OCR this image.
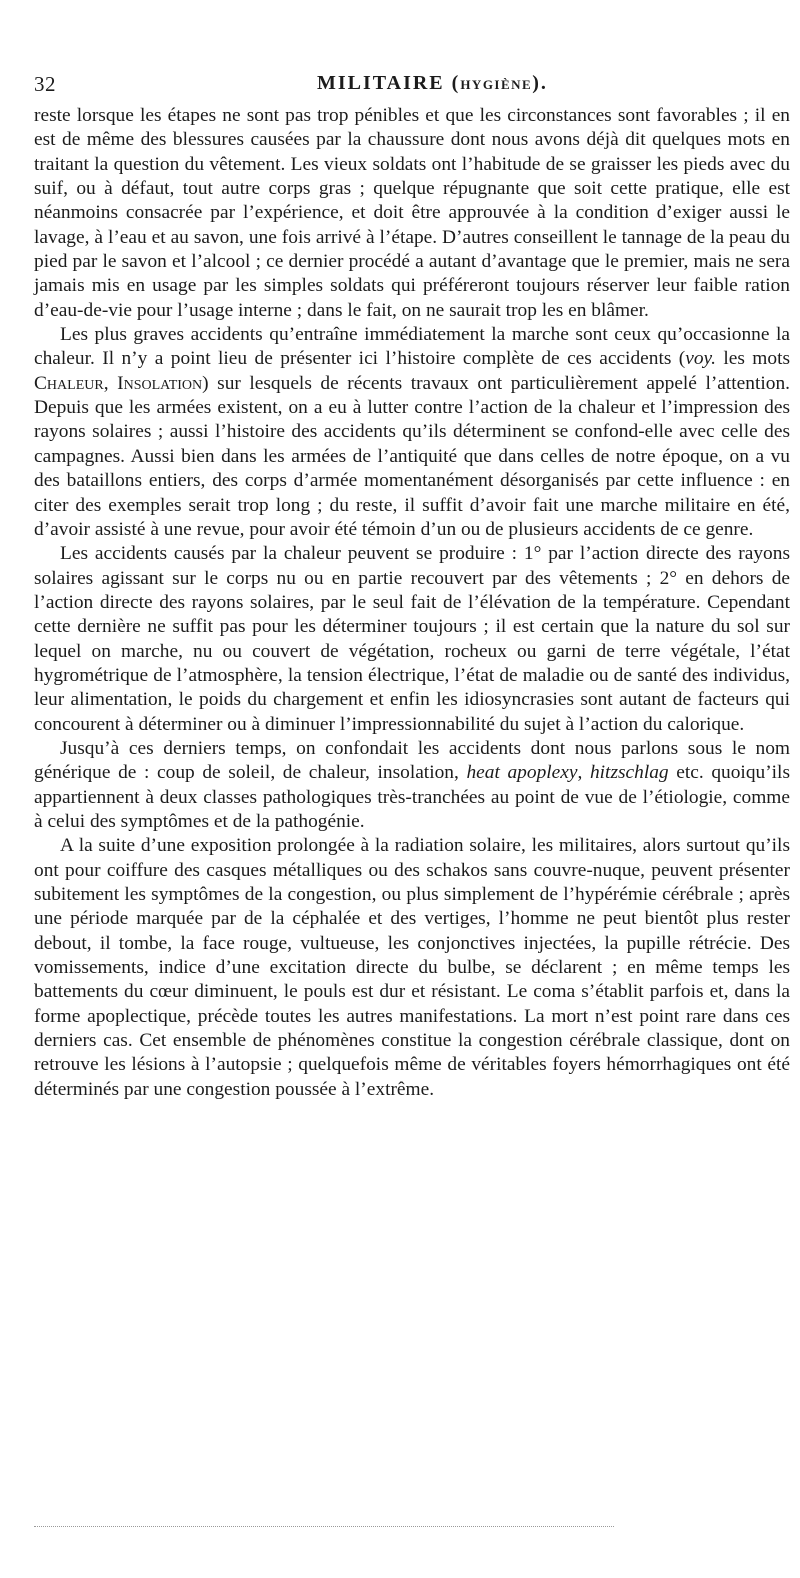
32	MILITAIRE (HYGIÈNE).

reste lorsque les étapes ne sont pas trop pénibles et que les circonstances sont favorables ; il en est de même des blessures causées par la chaussure dont nous avons déjà dit quelques mots en traitant la question du vêtement. Les vieux soldats ont l’habitude de se graisser les pieds avec du suif, ou à défaut, tout autre corps gras ; quelque répugnante que soit cette pratique, elle est néanmoins consacrée par l’expérience, et doit être approuvée à la condition d’exiger aussi le lavage, à l’eau et au savon, une fois arrivé à l’étape. D’autres conseillent le tannage de la peau du pied par le savon et l’alcool ; ce dernier procédé a autant d’avantage que le premier, mais ne sera jamais mis en usage par les simples soldats qui préféreront toujours réserver leur faible ration d’eau-de-vie pour l’usage interne ; dans le fait, on ne saurait trop les en blâmer.

Les plus graves accidents qu’entraîne immédiatement la marche sont ceux qu’occasionne la chaleur. Il n’y a point lieu de présenter ici l’histoire complète de ces accidents (voy. les mots Chaleur, Insolation) sur lesquels de récents travaux ont particulièrement appelé l’attention. Depuis que les armées existent, on a eu à lutter contre l’action de la chaleur et l’impression des rayons solaires ; aussi l’histoire des accidents qu’ils déterminent se confond-elle avec celle des campagnes. Aussi bien dans les armées de l’antiquité que dans celles de notre époque, on a vu des bataillons entiers, des corps d’armée momentanément désorganisés par cette influence : en citer des exemples serait trop long ; du reste, il suffit d’avoir fait une marche militaire en été, d’avoir assisté à une revue, pour avoir été témoin d’un ou de plusieurs accidents de ce genre.

Les accidents causés par la chaleur peuvent se produire : 1° par l’action directe des rayons solaires agissant sur le corps nu ou en partie recouvert par des vêtements ; 2° en dehors de l’action directe des rayons solaires, par le seul fait de l’élévation de la température. Cependant cette dernière ne suffit pas pour les déterminer toujours ; il est certain que la nature du sol sur lequel on marche, nu ou couvert de végétation, rocheux ou garni de terre végétale, l’état hygrométrique de l’atmosphère, la tension électrique, l’état de maladie ou de santé des individus, leur alimentation, le poids du chargement et enfin les idiosyncrasies sont autant de facteurs qui concourent à déterminer ou à diminuer l’impressionnabilité du sujet à l’action du calorique.

Jusqu’à ces derniers temps, on confondait les accidents dont nous parlons sous le nom générique de : coup de soleil, de chaleur, insolation, heat apoplexy, hitzschlag etc. quoiqu’ils appartiennent à deux classes pathologiques très-tranchées au point de vue de l’étiologie, comme à celui des symptômes et de la pathogénie.

A la suite d’une exposition prolongée à la radiation solaire, les militaires, alors surtout qu’ils ont pour coiffure des casques métalliques ou des schakos sans couvre-nuque, peuvent présenter subitement les symptômes de la congestion, ou plus simplement de l’hypérémie cérébrale ; après une période marquée par de la céphalée et des vertiges, l’homme ne peut bientôt plus rester debout, il tombe, la face rouge, vultueuse, les conjonctives injectées, la pupille rétrécie. Des vomissements, indice d’une excitation directe du bulbe, se déclarent ; en même temps les battements du cœur diminuent, le pouls est dur et résistant. Le coma s’établit parfois et, dans la forme apoplectique, précède toutes les autres manifestations. La mort n’est point rare dans ces derniers cas. Cet ensemble de phénomènes constitue la congestion cérébrale classique, dont on retrouve les lésions à l’autopsie ; quelquefois même de véritables foyers hémorrhagiques ont été déterminés par une congestion poussée à l’extrême.
